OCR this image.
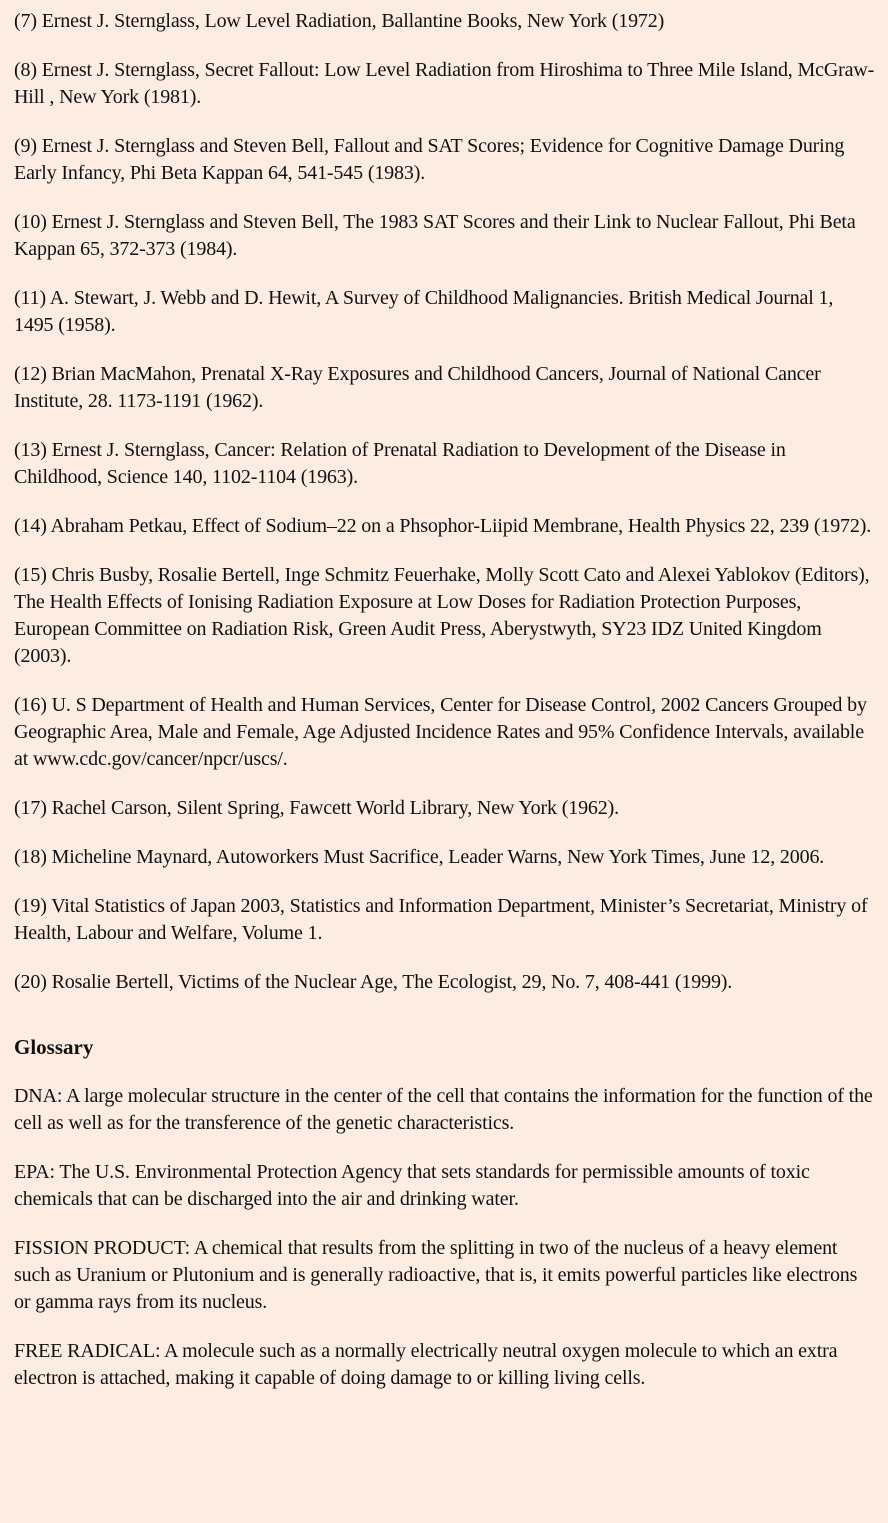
(7) Ernest J. Sternglass, Low Level Radiation, Ballantine Books, New York (1972)

(8) Ernest J. Sternglass, Secret Fallout: Low Level Radiation from Hiroshima to Three Mile Island, McGraw- Hill , New York (1981).

(9) Ernest J. Sternglass and Steven Bell, Fallout and SAT Scores; Evidence for Cognitive Damage During Early Infancy, Phi Beta Kappan 64, 541-545 (1983).

(10) Ernest J. Sternglass and Steven Bell, The 1983 SAT Scores and their Link to Nuclear Fallout, Phi Beta Kappan 65, 372-373 (1984).

(11) A. Stewart, J. Webb and D. Hewit, A Survey of Childhood Malignancies. British Medical Journal 1, 1495 (1958).

(12) Brian MacMahon, Prenatal X-Ray Exposures and Childhood Cancers, Journal of National Cancer Institute, 28. 1173-1191 (1962).

(13) Ernest J. Sternglass, Cancer: Relation of Prenatal Radiation to Development of the Disease in Childhood, Science 140, 1102-1104 (1963).

(14) Abraham Petkau, Effect of Sodium–22 on a Phsophor-Liipid Membrane, Health Physics 22, 239 (1972).

(15) Chris Busby, Rosalie Bertell, Inge Schmitz Feuerhake, Molly Scott Cato and Alexei Yablokov (Editors), The Health Effects of Ionising Radiation Exposure at Low Doses for Radiation Protection Purposes, European Committee on Radiation Risk, Green Audit Press, Aberystwyth, SY23 IDZ United Kingdom (2003).

(16) U. S Department of Health and Human Services, Center for Disease Control, 2002 Cancers Grouped by Geographic Area, Male and Female, Age Adjusted Incidence Rates and 95% Confidence Intervals, available at www.cdc.gov/cancer/npcr/uscs/.

(17) Rachel Carson, Silent Spring, Fawcett World Library, New York (1962).

(18) Micheline Maynard, Autoworkers Must Sacrifice, Leader Warns, New York Times, June 12, 2006.

(19) Vital Statistics of Japan 2003, Statistics and Information Department, Minister’s Secretariat, Ministry of Health, Labour and Welfare, Volume 1.

(20) Rosalie Bertell, Victims of the Nuclear Age, The Ecologist, 29, No. 7, 408-441 (1999).

Glossary

DNA: A large molecular structure in the center of the cell that contains the information for the function of the cell as well as for the transference of the genetic characteristics.

EPA: The U.S. Environmental Protection Agency that sets standards for permissible amounts of toxic chemicals that can be discharged into the air and drinking water.

FISSION PRODUCT: A chemical that results from the splitting in two of the nucleus of a heavy element such as Uranium or Plutonium and is generally radioactive, that is, it emits powerful particles like electrons or gamma rays from its nucleus.

FREE RADICAL: A molecule such as a normally electrically neutral oxygen molecule to which an extra electron is attached, making it capable of doing damage to or killing living cells.
